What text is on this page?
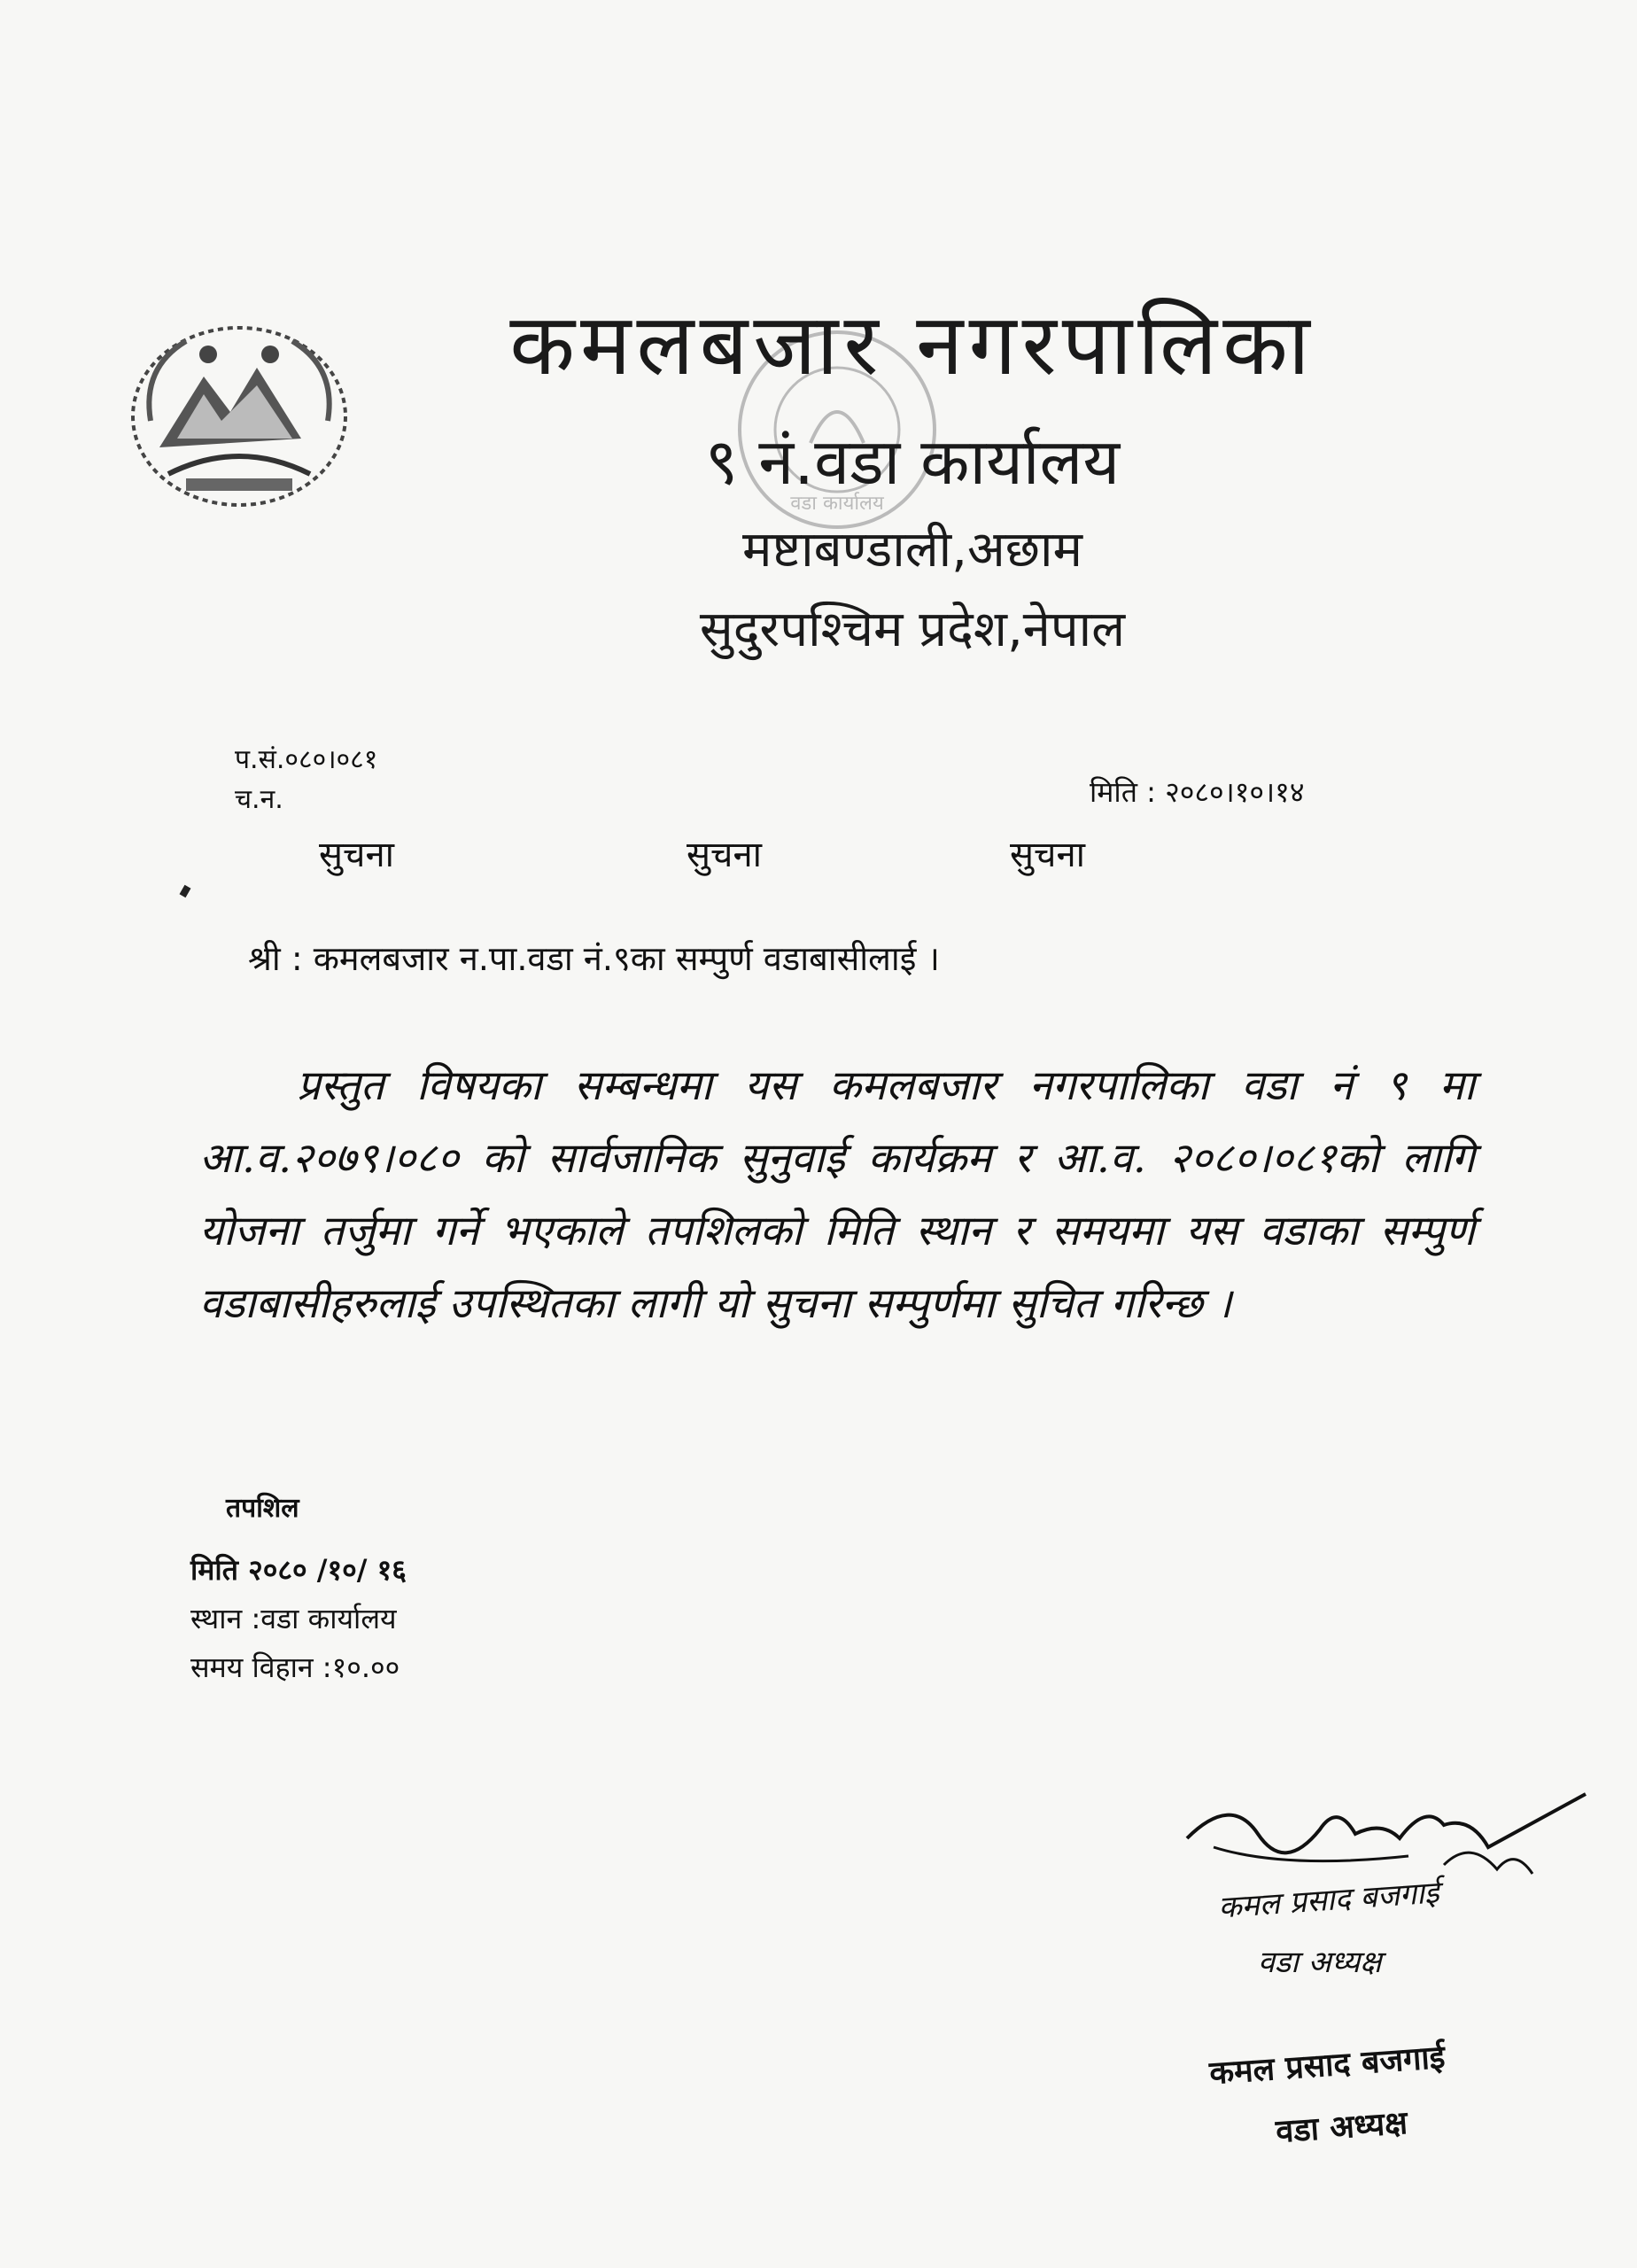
वडा कार्यालय
कमलबजार नगरपालिका
९ नं.वडा कार्यालय
मष्टाबण्डाली,अछाम
सुदुरपश्चिम प्रदेश,नेपाल
प.सं.०८०।०८१
च.न.	मिति : २०८०।१०।१४
सुचना	सुचना	सुचना
श्री : कमलबजार न.पा.वडा नं.९का सम्पुर्ण वडाबासीलाई ।
प्रस्तुत विषयका सम्बन्धमा यस कमलबजार नगरपालिका वडा नं ९ मा आ.व.२०७९।०८० को सार्वजानिक सुनुवाई कार्यक्रम र आ.व. २०८०।०८१को लागि योजना तर्जुमा गर्ने भएकाले तपशिलको मिति स्थान र समयमा यस वडाका सम्पुर्ण वडाबासीहरुलाई उपस्थितका लागी यो सुचना सम्पुर्णमा सुचित गरिन्छ ।
तपशिल
मिति २०८० /१०/ १६
स्थान :वडा कार्यालय
समय विहान :१०.००
कमल प्रसाद बजगाई
वडा अध्यक्ष
कमल प्रसाद बजगाई
वडा अध्यक्ष
